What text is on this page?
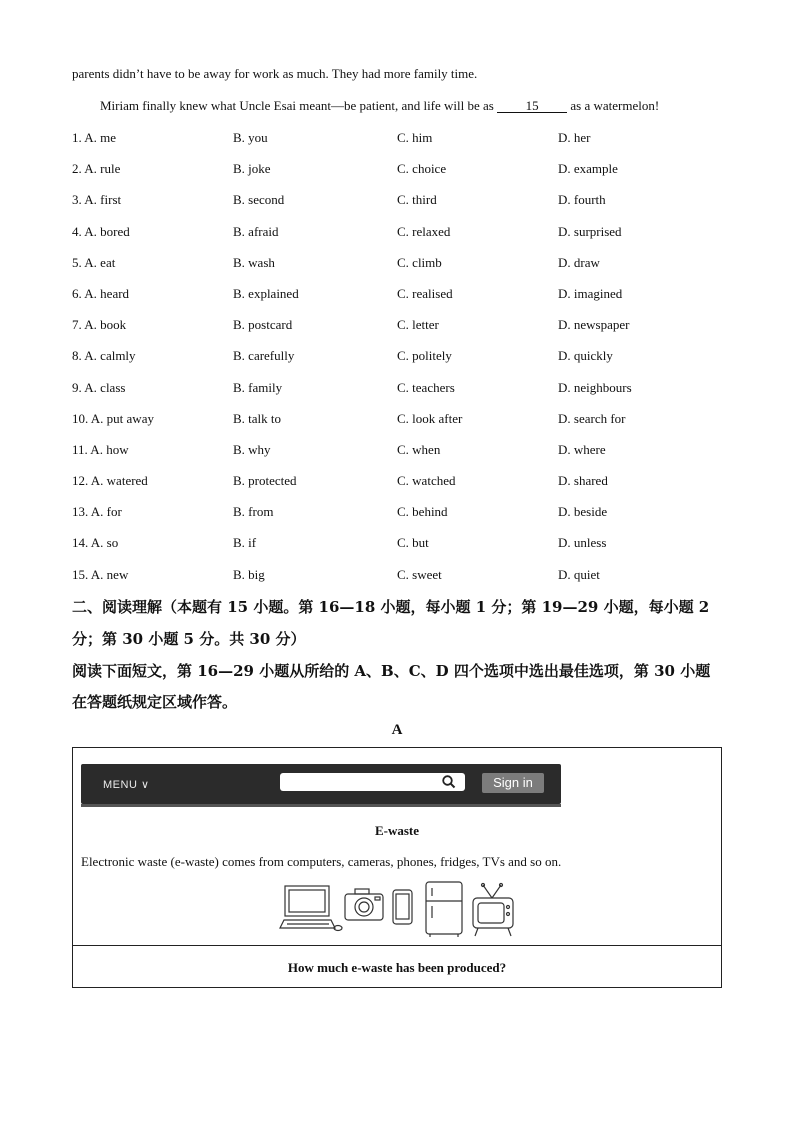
parents didn’t have to be away for work as much. They had more family time.
Miriam finally knew what Uncle Esai meant—be patient, and life will be as 15 as a watermelon!
1. A. me	B. you	C. him	D. her
2. A. rule	B. joke	C. choice	D. example
3. A. first	B. second	C. third	D. fourth
4. A. bored	B. afraid	C. relaxed	D. surprised
5. A. eat	B. wash	C. climb	D. draw
6. A. heard	B. explained	C. realised	D. imagined
7. A. book	B. postcard	C. letter	D. newspaper
8. A. calmly	B. carefully	C. politely	D. quickly
9. A. class	B. family	C. teachers	D. neighbours
10. A. put away	B. talk to	C. look after	D. search for
11. A. how	B. why	C. when	D. where
12. A. watered	B. protected	C. watched	D. shared
13. A. for	B. from	C. behind	D. beside
14. A. so	B. if	C. but	D. unless
15. A. new	B. big	C. sweet	D. quiet
二、阅读理解（本题有 15 小题。第 16—18 小题，每小题 1 分；第 19—29 小题，每小题 2
分；第 30 小题 5 分。共 30 分）
阅读下面短文，第 16—29 小题从所给的 A、B、C、D 四个选项中选出最佳选项，第 30 小题
在答题纸规定区域作答。
A
MENU ∨	Sign in
E-waste
Electronic waste (e-waste) comes from computers, cameras, phones, fridges, TVs and so on.
How much e-waste has been produced?
